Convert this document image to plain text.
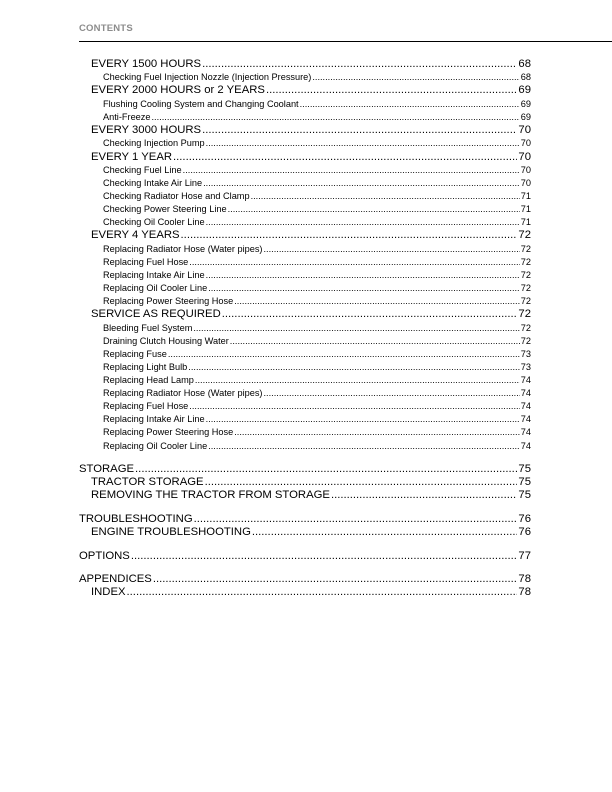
CONTENTS
EVERY 1500 HOURS .....	68
Checking Fuel Injection Nozzle (Injection Pressure) .....	68
EVERY 2000 HOURS or 2 YEARS .....	69
Flushing Cooling System and Changing Coolant .....	69
Anti-Freeze .....	69
EVERY 3000 HOURS .....	70
Checking Injection Pump .....	70
EVERY 1 YEAR .....	70
Checking Fuel Line .....	70
Checking Intake Air Line .....	70
Checking Radiator Hose and Clamp .....	71
Checking Power Steering Line .....	71
Checking Oil Cooler Line .....	71
EVERY 4 YEARS .....	72
Replacing Radiator Hose (Water pipes) .....	72
Replacing Fuel Hose .....	72
Replacing Intake Air Line .....	72
Replacing Oil Cooler Line .....	72
Replacing Power Steering Hose .....	72
SERVICE AS REQUIRED .....	72
Bleeding Fuel System .....	72
Draining Clutch Housing Water .....	72
Replacing Fuse .....	73
Replacing Light Bulb .....	73
Replacing Head Lamp .....	74
Replacing Radiator Hose (Water pipes) .....	74
Replacing Fuel Hose .....	74
Replacing Intake Air Line .....	74
Replacing Power Steering Hose .....	74
Replacing Oil Cooler Line .....	74
STORAGE .....	75
TRACTOR STORAGE .....	75
REMOVING THE TRACTOR FROM STORAGE .....	75
TROUBLESHOOTING .....	76
ENGINE TROUBLESHOOTING .....	76
OPTIONS .....	77
APPENDICES .....	78
INDEX .....	78
